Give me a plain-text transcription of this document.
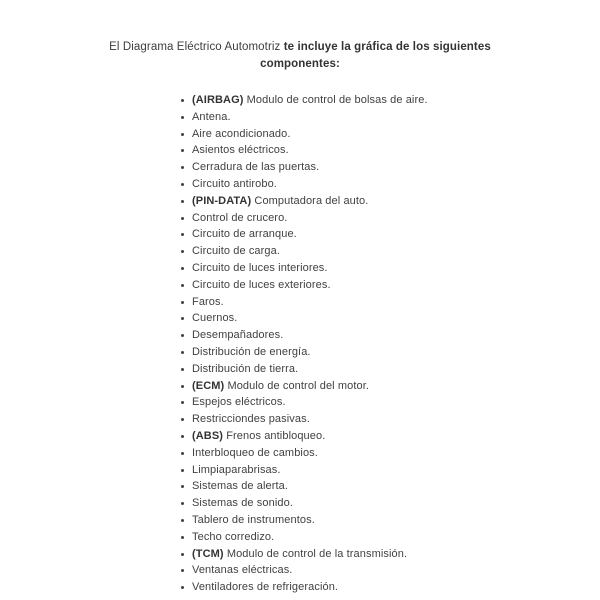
El Diagrama Eléctrico Automotriz te incluye la gráfica de los siguientes componentes:
(AIRBAG) Modulo de control de bolsas de aire.
Antena.
Aire acondicionado.
Asientos eléctricos.
Cerradura de las puertas.
Circuito antirobo.
(PIN-DATA) Computadora del auto.
Control de crucero.
Circuito de arranque.
Circuito de carga.
Circuito de luces interiores.
Circuito de luces exteriores.
Faros.
Cuernos.
Desempañadores.
Distribución de energía.
Distribución de tierra.
(ECM) Modulo de control del motor.
Espejos eléctricos.
Restricciondes pasivas.
(ABS) Frenos antibloqueo.
Interbloqueo de cambios.
Limpiaparabrisas.
Sistemas de alerta.
Sistemas de sonido.
Tablero de instrumentos.
Techo corredizo.
(TCM) Modulo de control de la transmisión.
Ventanas eléctricas.
Ventiladores de refrigeración.
